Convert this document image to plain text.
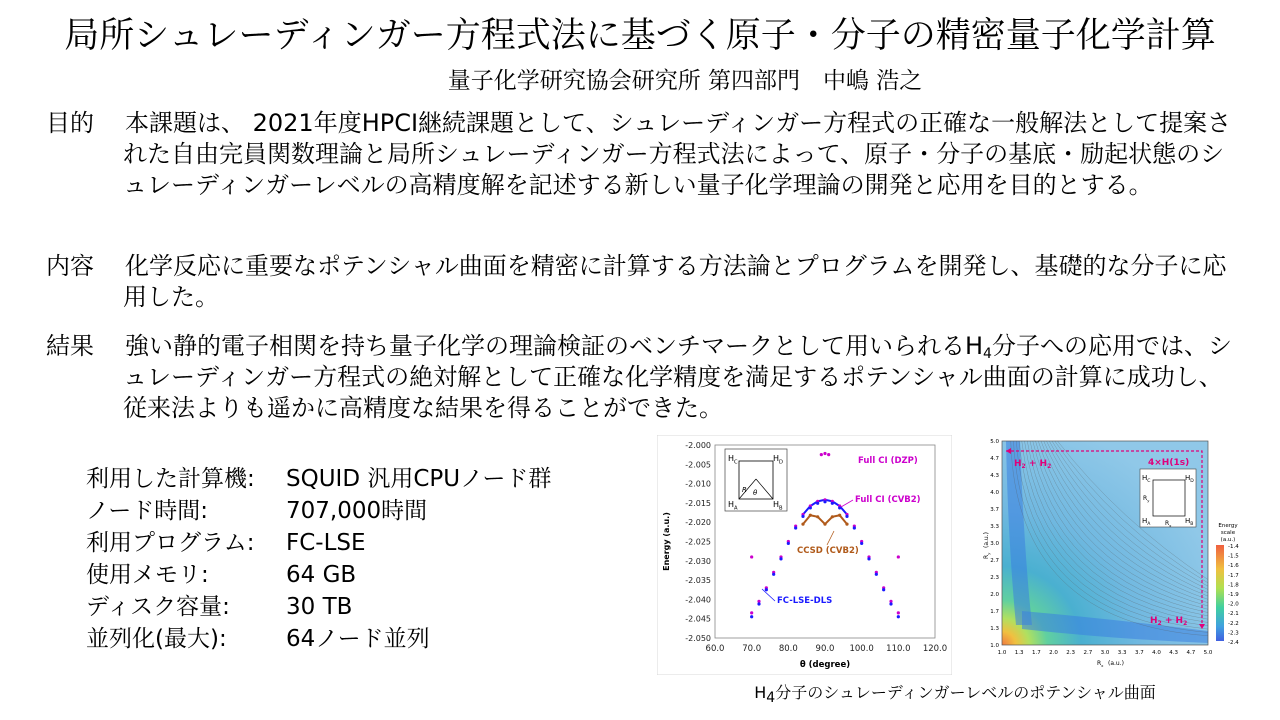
局所シュレーディンガー方程式法に基づく原子・分子の精密量子化学計算
量子化学研究協会研究所 第四部門　中嶋 浩之
目的 本課題は、 2021年度HPCI継続課題として、シュレーディンガー方程式の正確な一般解法として提案された自由完員関数理論と局所シュレーディンガー方程式法によって、原子・分子の基底・励起状態のシュレーディンガーレベルの高精度解を記述する新しい量子化学理論の開発と応用を目的とする。
内容 化学反応に重要なポテンシャル曲面を精密に計算する方法論とプログラムを開発し、基礎的な分子に応用した。
結果 強い静的電子相関を持ち量子化学の理論検証のベンチマークとして用いられる$H_4$分子への応用では、シュレーディンガー方程式の絶対解として正確な化学精度を満足するポテンシャル曲面の計算に成功し、従来法よりも遥かに高精度な結果を得ることができた。
利用した計算機:	SQUID 汎用CPUノード群
ノード時間:	707,000時間
利用プログラム:	FC-LSE
使用メモリ:	64 GB
ディスク容量:	30 TB
並列化(最大):	64ノード並列
-2.000
-2.005
-2.010
-2.015
-2.020
-2.025
-2.030
-2.035
-2.040
-2.045
-2.050
60.0 70.0 80.0 90.0 100.0 110.0 120.0
θ (degree)
Energy (a.u.)
Full CI (DZP)
Full CI (CVB2)
CCSD (CVB2)
FC-LSE-DLS
$H_C$	$H_D$
$H_A$	$H_B$
R θ
1.0 1.3 1.7 2.0 2.3 2.7 3.0 3.3 3.7 4.0 4.3 4.7 5.0
1.0
1.3
1.7
2.0
2.3
2.7
3.0
3.3
3.7
4.0
4.3
4.7
5.0
$R_x$ (a.u.)
$R_y$
(a.u.)
$H_2 + H_2$	4×H(1s)
$H_2 + H_2$
$H_C$	$H_D$
$H_A$	$H_B$
$R_y$
$R_x$	Energy
scale
(a.u.)
-1.4
-1.5
-1.6
-1.7
-1.8
-1.9
-2.0
-2.1
-2.2
-2.3
-2.4
$H_4$分子のシュレーディンガーレベルのポテンシャル曲面
